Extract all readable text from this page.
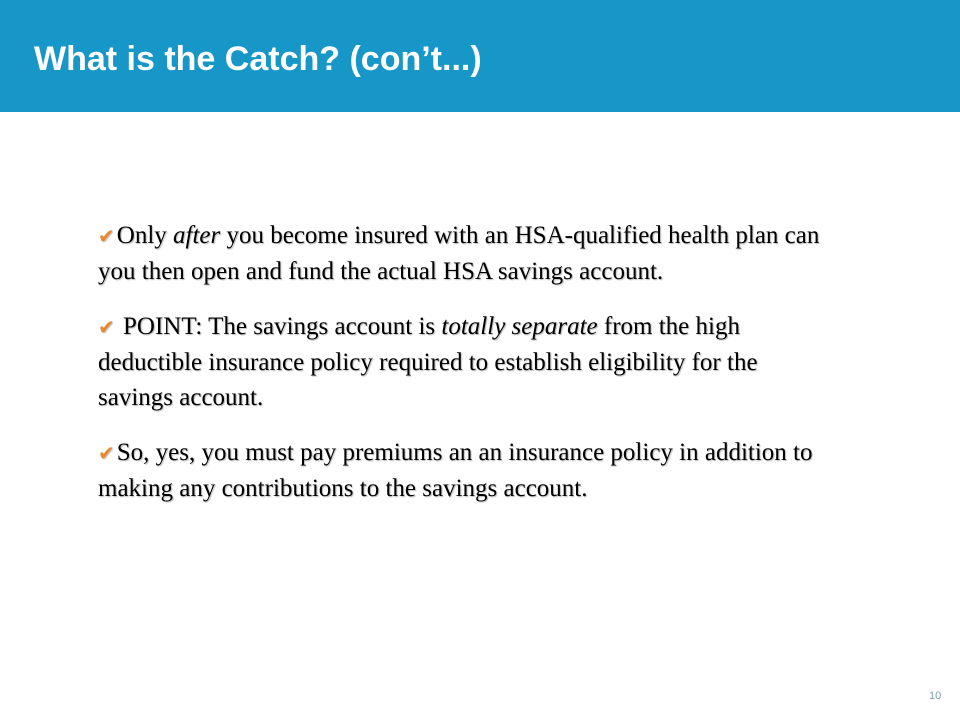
What is the Catch? (con’t...)

✔Only after you become insured with an HSA-qualified health plan can you then open and fund the actual HSA savings account.

✔ POINT: The savings account is totally separate from the high deductible insurance policy required to establish eligibility for the savings account.

✔So, yes, you must pay premiums an an insurance policy in addition to making any contributions to the savings account.

10
